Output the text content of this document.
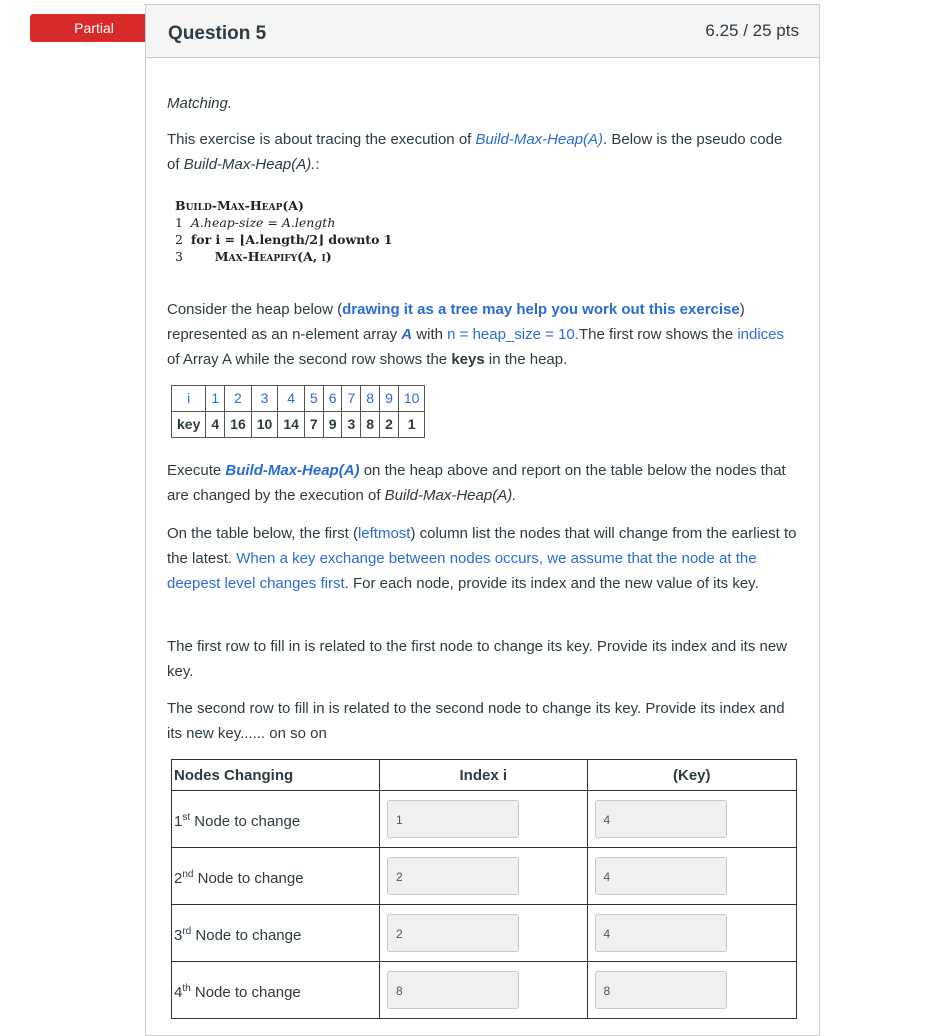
Partial	Question 5	6.25 / 25 pts

Matching.

This exercise is about tracing the execution of Build-Max-Heap(A). Below is the pseudo code of Build-Max-Heap(A).:

Build-Max-Heap(A)
1 A.heap-size = A.length
2 for i = ⌊A.length/2⌋ downto 1
3	Max-Heapify(A, i)

Consider the heap below (drawing it as a tree may help you work out this exercise) represented as an n-element array A with n = heap_size = 10.The first row shows the indices of Array A while the second row shows the keys in the heap.

i	1	2	3	4	5	6	7	8	9	10
key	4	16	10	14	7	9	3	8	2	1

Execute Build-Max-Heap(A) on the heap above and report on the table below the nodes that are changed by the execution of Build-Max-Heap(A).

On the table below, the first (leftmost) column list the nodes that will change from the earliest to the latest. When a key exchange between nodes occurs, we assume that the node at the deepest level changes first. For each node, provide its index and the new value of its key.

The first row to fill in is related to the first node to change its key. Provide its index and its new key.

The second row to fill in is related to the second node to change its key. Provide its index and its new key...... on so on

Nodes Changing	Index i	(Key)
1st Node to change	1	4

2nd Node to change	2	4

3rd Node to change	2	4

4th Node to change	8	8
